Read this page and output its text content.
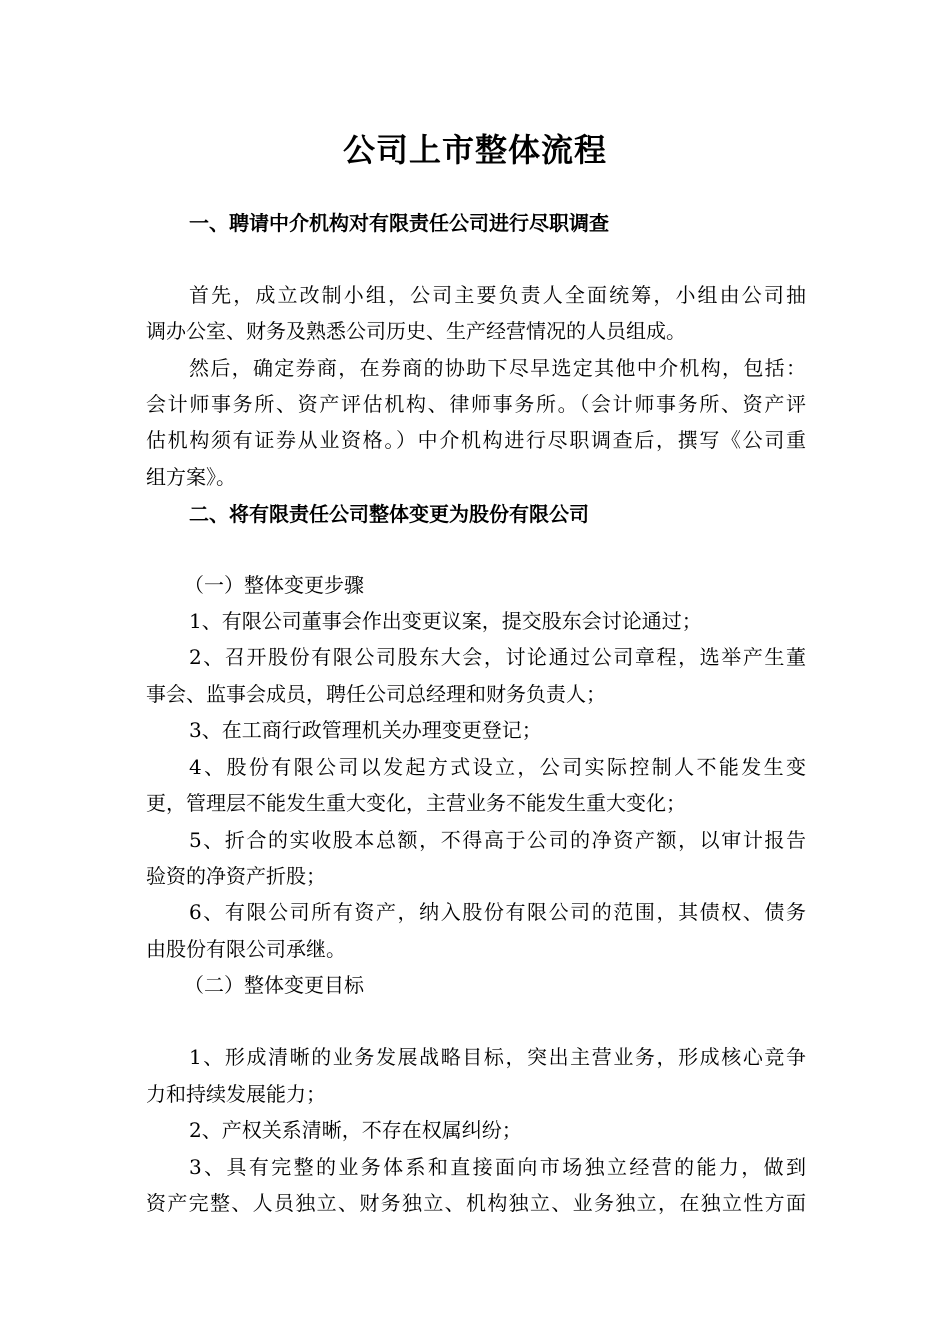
公司上市整体流程
一、聘请中介机构对有限责任公司进行尽职调查
首先，成立改制小组，公司主要负责人全面统筹，小组由公司抽
调办公室、财务及熟悉公司历史、生产经营情况的人员组成。
然后，确定券商，在券商的协助下尽早选定其他中介机构，包括：
会计师事务所、资产评估机构、律师事务所。（会计师事务所、资产评
估机构须有证券从业资格。）中介机构进行尽职调查后，撰写《公司重
组方案》。
二、将有限责任公司整体变更为股份有限公司
（一）整体变更步骤
1、有限公司董事会作出变更议案，提交股东会讨论通过；
2、召开股份有限公司股东大会，讨论通过公司章程，选举产生董
事会、监事会成员，聘任公司总经理和财务负责人；
3、在工商行政管理机关办理变更登记；
4、股份有限公司以发起方式设立，公司实际控制人不能发生变
更，管理层不能发生重大变化，主营业务不能发生重大变化；
5、折合的实收股本总额，不得高于公司的净资产额，以审计报告
验资的净资产折股；
6、有限公司所有资产，纳入股份有限公司的范围，其债权、债务
由股份有限公司承继。
（二）整体变更目标
1、形成清晰的业务发展战略目标，突出主营业务，形成核心竞争
力和持续发展能力；
2、产权关系清晰，不存在权属纠纷；
3、具有完整的业务体系和直接面向市场独立经营的能力，做到
资产完整、人员独立、财务独立、机构独立、业务独立，在独立性方面
